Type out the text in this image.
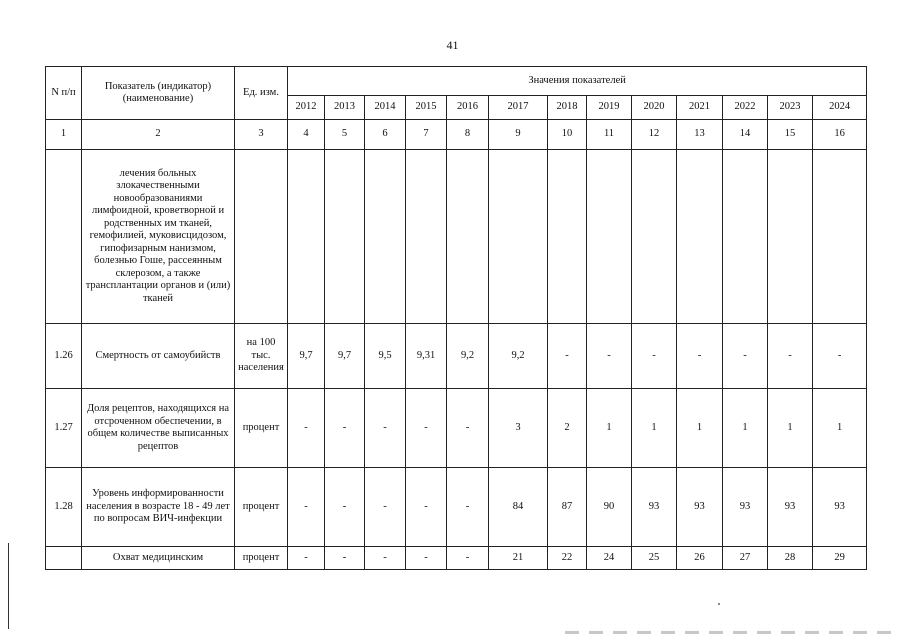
41
N п/п	Показатель (индикатор) (наименование)	Ед. изм.	Значения показателей												
			2012	2013	2014	2015	2016	2017	2018	2019	2020	2021	2022	2023	2024
1	2	3	4	5	6	7	8	9	10	11	12	13	14	15	16
	лечения больных злокачественными новообразованиями лимфоидной, кроветворной и родственных им тканей, гемофилией, муковисцидозом, гипофизарным нанизмом, болезнью Гоше, рассеянным склерозом, а также трансплантации органов и (или) тканей														
1.26	Смертность от самоубийств	на 100 тыс. населения	9,7	9,7	9,5	9,31	9,2	9,2	-	-	-	-	-	-	-
1.27	Доля рецептов, находящихся на отсроченном обеспечении, в общем количестве выписанных рецептов	процент	-	-	-	-	-	3	2	1	1	1	1	1	1
1.28	Уровень информированности населения в возрасте 18 - 49 лет по вопросам ВИЧ-инфекции	процент	-	-	-	-	-	84	87	90	93	93	93	93	93
	Охват медицинским	процент	-	-	-	-	-	21	22	24	25	26	27	28	29
